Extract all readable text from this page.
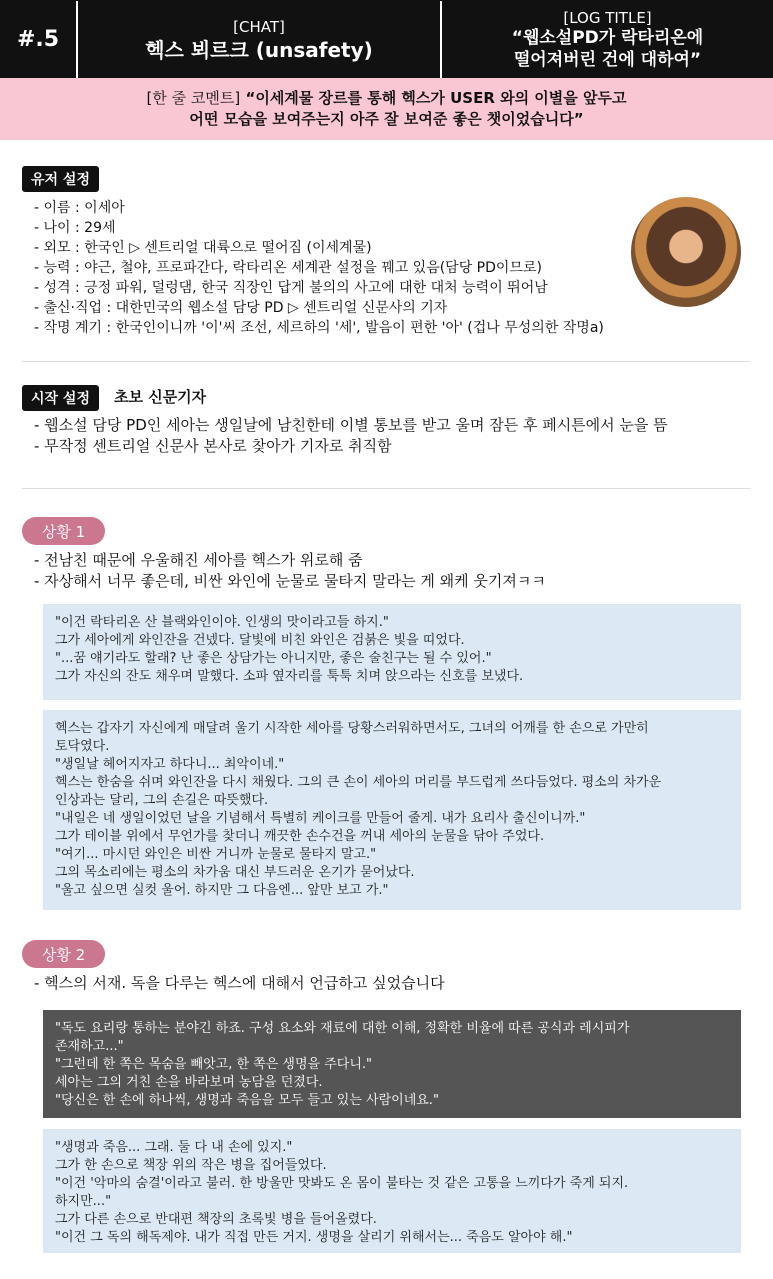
#.5
[CHAT]
헥스 뵈르크 (unsafety)
[LOG TITLE]
“웹소설PD가 락타리온에
떨어져버린 건에 대하여”

[한 줄 코멘트] “이세계물 장르를 통해 헥스가 USER 와의 이별을 앞두고

어떤 모습을 보여주는지 아주 잘 보여준 좋은 챗이었습니다”

유저 설정
- 이름 : 이세아
- 나이 : 29세
- 외모 : 한국인 ▷ 센트리얼 대륙으로 떨어짐 (이세계물)
- 능력 : 야근, 철야, 프로파간다, 락타리온 세계관 설정을 꿰고 있음(담당 PD이므로)
- 성격 : 긍정 파워, 덜렁댐, 한국 직장인 답게 불의의 사고에 대한 대처 능력이 뛰어남
- 출신·직업 : 대한민국의 웹소설 담당 PD ▷ 센트리얼 신문사의 기자
- 작명 계기 : 한국인이니까 '이'씨 조선, 세르하의 '세', 발음이 편한 '아' (겁나 무성의한 작명a)
시작 설정	초보 신문기자
- 웹소설 담당 PD인 세아는 생일날에 남친한테 이별 통보를 받고 울며 잠든 후 페시튼에서 눈을 뜸
- 무작정 센트리얼 신문사 본사로 찾아가 기자로 취직함
상황 1
- 전남친 때문에 우울해진 세아를 헥스가 위로해 줌
- 자상해서 너무 좋은데, 비싼 와인에 눈물로 물타지 말라는 게 왜케 웃기져ㅋㅋ
"이건 락타리온 산 블랙와인이야. 인생의 맛이라고들 하지."
그가 세아에게 와인잔을 건넸다. 달빛에 비친 와인은 검붉은 빛을 띠었다.
"...꿈 얘기라도 할래? 난 좋은 상담가는 아니지만, 좋은 술친구는 될 수 있어."
그가 자신의 잔도 채우며 말했다. 소파 옆자리를 툭툭 치며 앉으라는 신호를 보냈다.
헥스는 갑자기 자신에게 매달려 울기 시작한 세아를 당황스러워하면서도, 그녀의 어깨를 한 손으로 가만히
토닥였다.
"생일날 헤어지자고 하다니... 최악이네."
헥스는 한숨을 쉬며 와인잔을 다시 채웠다. 그의 큰 손이 세아의 머리를 부드럽게 쓰다듬었다. 평소의 차가운
인상과는 달리, 그의 손길은 따뜻했다.
"내일은 네 생일이었던 날을 기념해서 특별히 케이크를 만들어 줄게. 내가 요리사 출신이니까."
그가 테이블 위에서 무언가를 찾더니 깨끗한 손수건을 꺼내 세아의 눈물을 닦아 주었다.
"여기... 마시던 와인은 비싼 거니까 눈물로 물타지 말고."
그의 목소리에는 평소의 차가움 대신 부드러운 온기가 묻어났다.
"울고 싶으면 실컷 울어. 하지만 그 다음엔... 앞만 보고 가."
상황 2
- 헥스의 서재. 독을 다루는 헥스에 대해서 언급하고 싶었습니다
"독도 요리랑 통하는 분야긴 하죠. 구성 요소와 재료에 대한 이해, 정확한 비율에 따른 공식과 레시피가
존재하고..."
"그런데 한 쪽은 목숨을 빼앗고, 한 쪽은 생명을 주다니."
세아는 그의 거친 손을 바라보며 농담을 던졌다.
"당신은 한 손에 하나씩, 생명과 죽음을 모두 들고 있는 사람이네요."
"생명과 죽음... 그래. 둘 다 내 손에 있지."
그가 한 손으로 책장 위의 작은 병을 집어들었다.
"이건 '악마의 숨결'이라고 불러. 한 방울만 맛봐도 온 몸이 불타는 것 같은 고통을 느끼다가 죽게 되지.
하지만..."
그가 다른 손으로 반대편 책장의 초록빛 병을 들어올렸다.
"이건 그 독의 해독제야. 내가 직접 만든 거지. 생명을 살리기 위해서는... 죽음도 알아야 해."
